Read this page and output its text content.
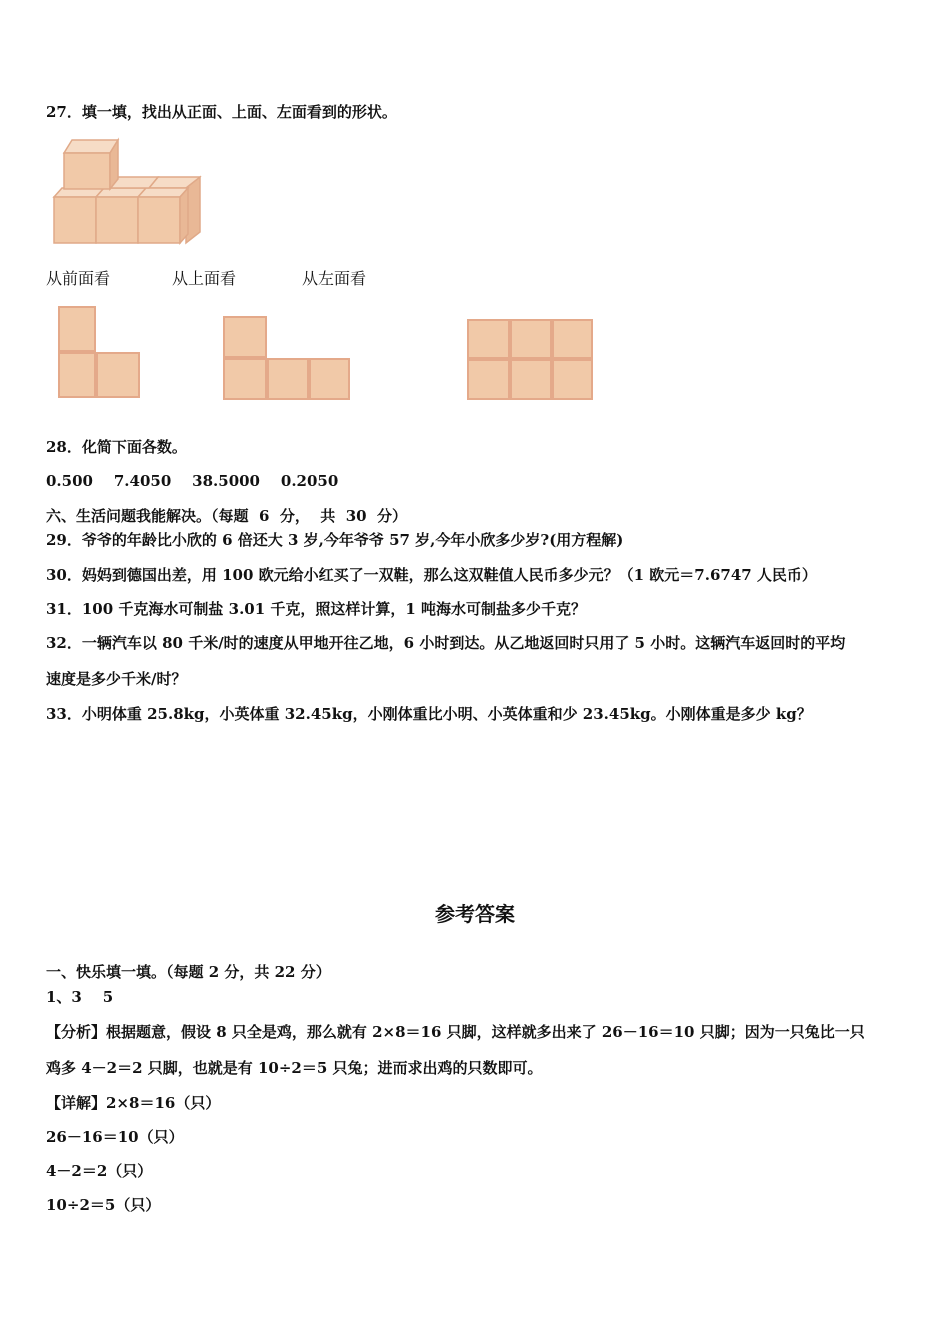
27．填一填，找出从正面、上面、左面看到的形状。
从前面看	从上面看	从左面看
28．化简下面各数。
0.500    7.4050    38.5000    0.2050
六、生活问题我能解决。（每题  6  分，  共  30  分）
29．爷爷的年龄比小欣的 6 倍还大 3 岁,今年爷爷 57 岁,今年小欣多少岁?(用方程解)
30．妈妈到德国出差，用 100 欧元给小红买了一双鞋，那么这双鞋值人民币多少元？（1 欧元＝7.6747 人民币）
31．100 千克海水可制盐 3.01 千克，照这样计算，1 吨海水可制盐多少千克？
32．一辆汽车以 80 千米/时的速度从甲地开往乙地，6 小时到达。从乙地返回时只用了 5 小时。这辆汽车返回时的平均
速度是多少千米/时？
33．小明体重 25.8kg，小英体重 32.45kg，小刚体重比小明、小英体重和少 23.45kg。小刚体重是多少 kg？
参考答案
一、快乐填一填。（每题 2 分，共 22 分）
1、3    5
【分析】根据题意，假设 8 只全是鸡，那么就有 2×8＝16 只脚，这样就多出来了 26－16＝10 只脚；因为一只兔比一只
鸡多 4－2＝2 只脚，也就是有 10÷2＝5 只兔；进而求出鸡的只数即可。
【详解】2×8＝16（只）
26－16＝10（只）
4－2＝2（只）
10÷2＝5（只）
